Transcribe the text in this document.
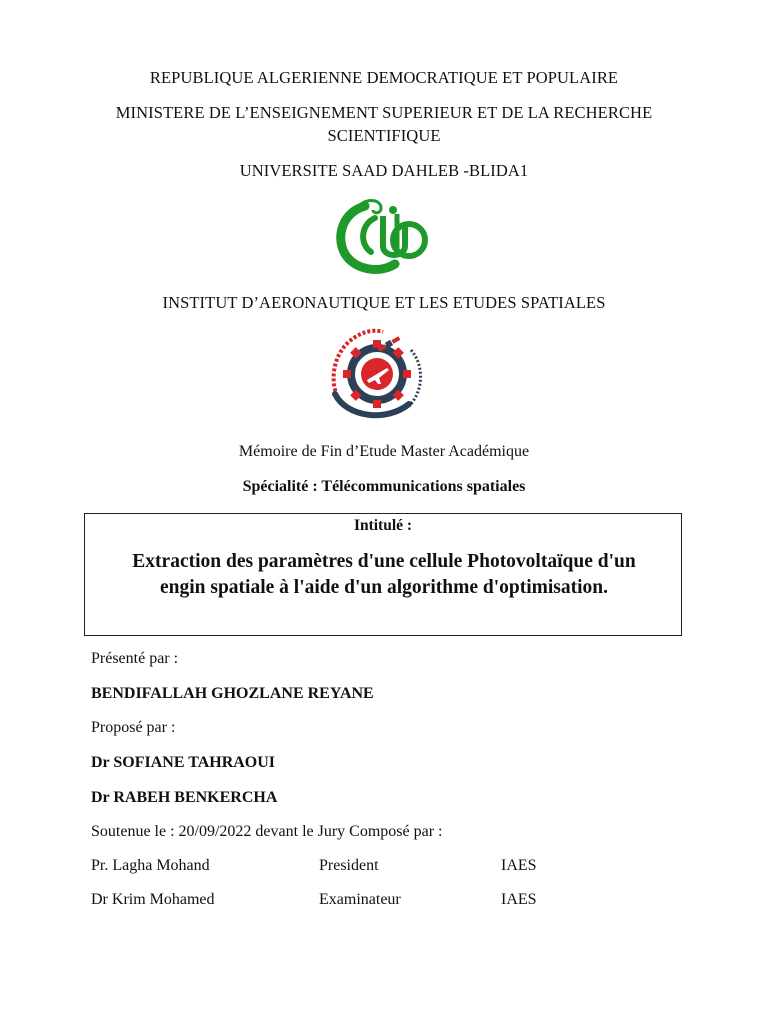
REPUBLIQUE ALGERIENNE DEMOCRATIQUE ET POPULAIRE
MINISTERE DE L’ENSEIGNEMENT SUPERIEUR ET DE LA RECHERCHE
SCIENTIFIQUE
UNIVERSITE SAAD DAHLEB -BLIDA1
INSTITUT D’AERONAUTIQUE ET LES ETUDES SPATIALES
Mémoire de Fin d’Etude Master Académique
Spécialité : Télécommunications spatiales
Intitulé :
Extraction des paramètres d'une cellule Photovoltaïque d'un
engin spatiale à l'aide d'un algorithme d'optimisation.
Présenté par :
BENDIFALLAH GHOZLANE REYANE
Proposé par :
Dr SOFIANE TAHRAOUI
Dr RABEH BENKERCHA
Soutenue le : 20/09/2022 devant le Jury Composé par :
Pr. Lagha Mohand	President	IAES
Dr Krim Mohamed	Examinateur	IAES
